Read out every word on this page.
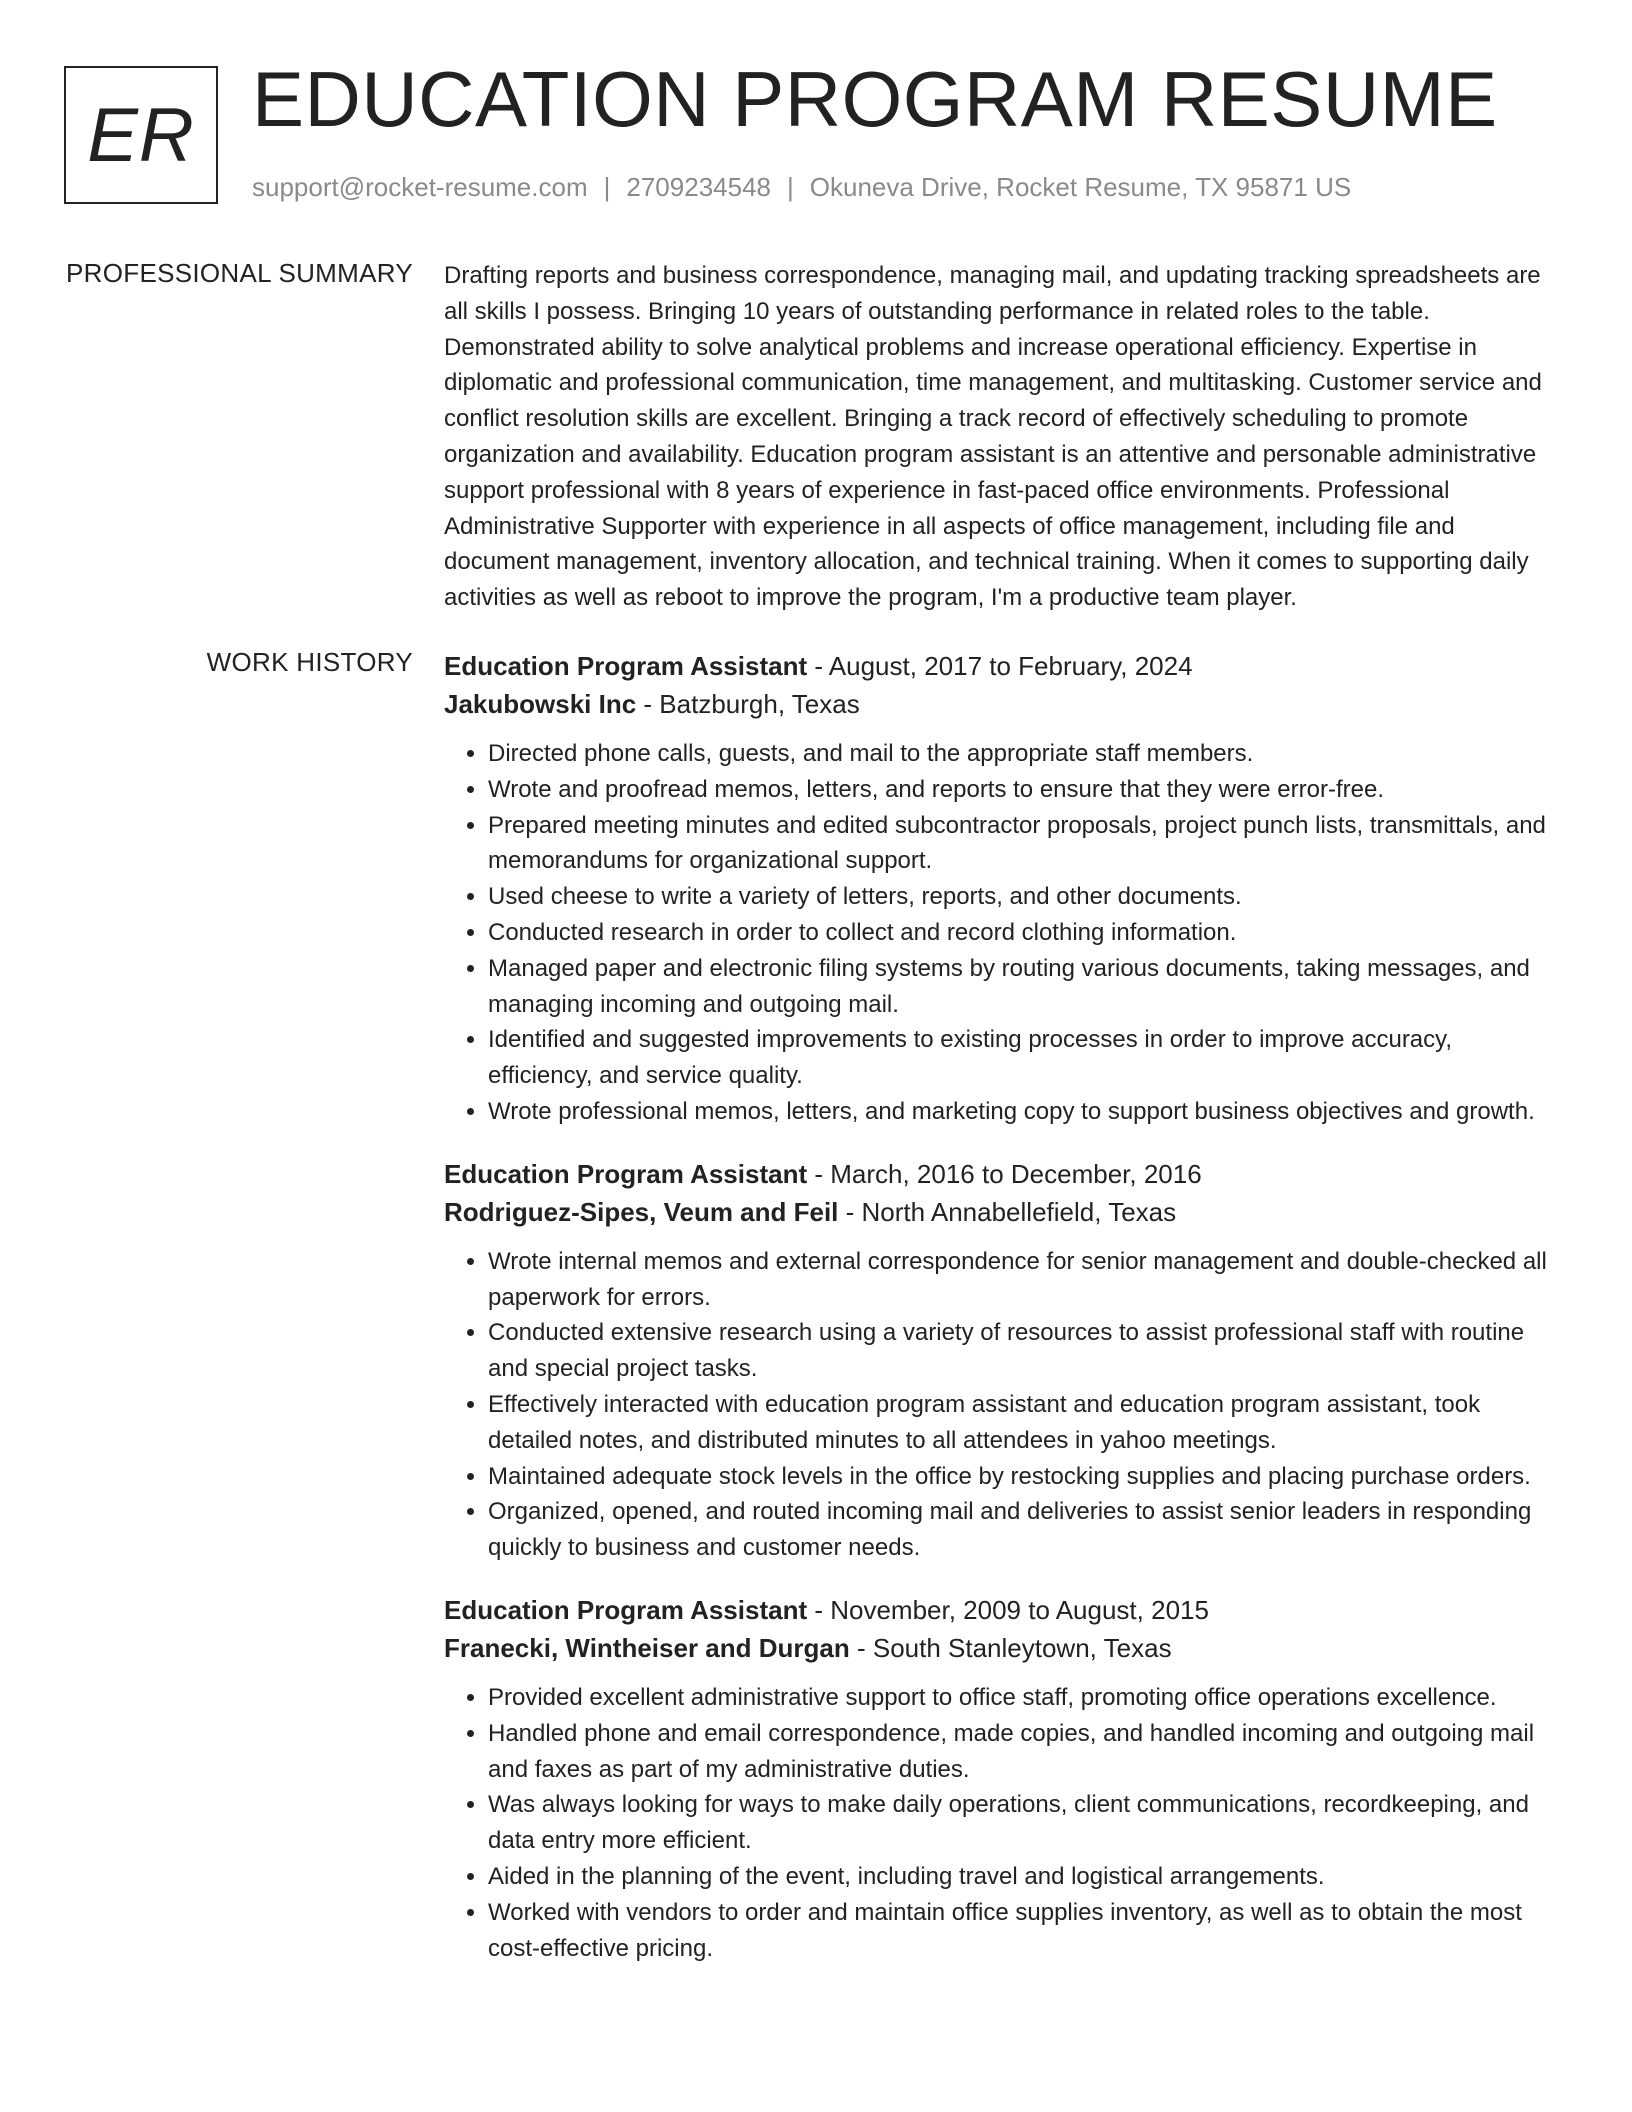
ER EDUCATION PROGRAM RESUME
support@rocket-resume.com | 2709234548 | Okuneva Drive, Rocket Resume, TX 95871 US
PROFESSIONAL SUMMARY Drafting reports and business correspondence, managing mail, and updating tracking spreadsheets are all skills I possess. Bringing 10 years of outstanding performance in related roles to the table. Demonstrated ability to solve analytical problems and increase operational efficiency. Expertise in diplomatic and professional communication, time management, and multitasking. Customer service and conflict resolution skills are excellent. Bringing a track record of effectively scheduling to promote organization and availability. Education program assistant is an attentive and personable administrative support professional with 8 years of experience in fast-paced office environments. Professional Administrative Supporter with experience in all aspects of office management, including file and document management, inventory allocation, and technical training. When it comes to supporting daily activities as well as reboot to improve the program, I'm a productive team player.

WORK HISTORY Education Program Assistant - August, 2017 to February, 2024
Jakubowski Inc - Batzburgh, Texas
• Directed phone calls, guests, and mail to the appropriate staff members.
• Wrote and proofread memos, letters, and reports to ensure that they were error-free.
• Prepared meeting minutes and edited subcontractor proposals, project punch lists, transmittals, and memorandums for organizational support.
• Used cheese to write a variety of letters, reports, and other documents.
• Conducted research in order to collect and record clothing information.
• Managed paper and electronic filing systems by routing various documents, taking messages, and managing incoming and outgoing mail.
• Identified and suggested improvements to existing processes in order to improve accuracy, efficiency, and service quality.
• Wrote professional memos, letters, and marketing copy to support business objectives and growth.
Education Program Assistant - March, 2016 to December, 2016
Rodriguez-Sipes, Veum and Feil - North Annabellefield, Texas
• Wrote internal memos and external correspondence for senior management and double-checked all paperwork for errors.
• Conducted extensive research using a variety of resources to assist professional staff with routine and special project tasks.
• Effectively interacted with education program assistant and education program assistant, took detailed notes, and distributed minutes to all attendees in yahoo meetings.
• Maintained adequate stock levels in the office by restocking supplies and placing purchase orders.
• Organized, opened, and routed incoming mail and deliveries to assist senior leaders in responding quickly to business and customer needs.
Education Program Assistant - November, 2009 to August, 2015
Franecki, Wintheiser and Durgan - South Stanleytown, Texas
• Provided excellent administrative support to office staff, promoting office operations excellence.
• Handled phone and email correspondence, made copies, and handled incoming and outgoing mail and faxes as part of my administrative duties.
• Was always looking for ways to make daily operations, client communications, recordkeeping, and data entry more efficient.
• Aided in the planning of the event, including travel and logistical arrangements.
• Worked with vendors to order and maintain office supplies inventory, as well as to obtain the most cost-effective pricing.
